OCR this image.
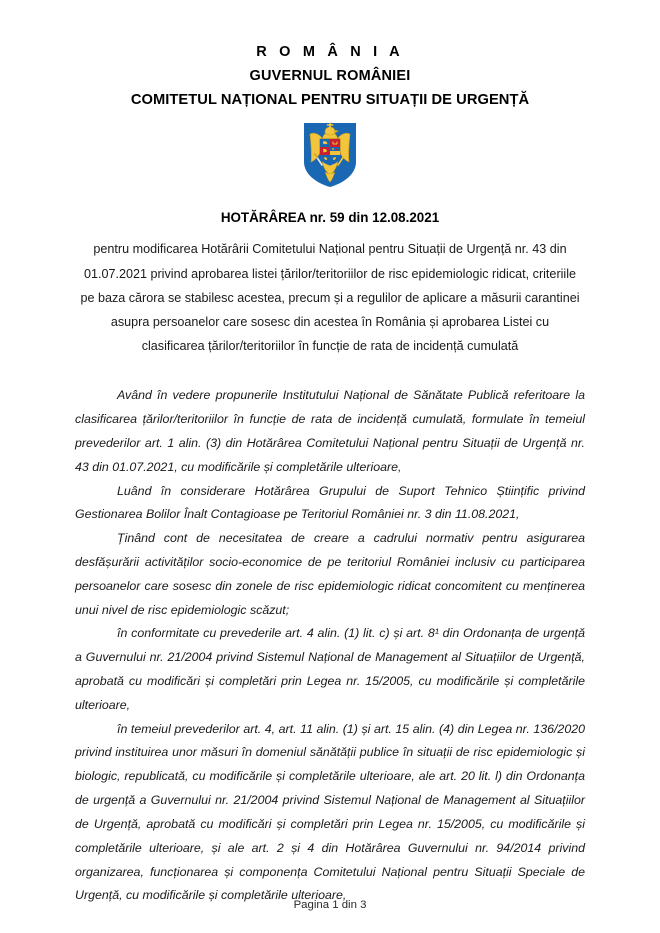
R O M Â N I A
GUVERNUL ROMÂNIEI
COMITETUL NAȚIONAL PENTRU SITUAȚII DE URGENȚĂ
HOTĂRÂREA nr. 59 din 12.08.2021
pentru modificarea Hotărârii Comitetului Național pentru Situații de Urgență nr. 43 din 01.07.2021 privind aprobarea listei țărilor/teritoriilor de risc epidemiologic ridicat, criteriile pe baza cărora se stabilesc acestea, precum și a regulilor de aplicare a măsurii carantinei asupra persoanelor care sosesc din acestea în România și aprobarea Listei cu clasificarea țărilor/teritoriilor în funcție de rata de incidență cumulată

Având în vedere propunerile Institutului Național de Sănătate Publică referitoare la clasificarea țărilor/teritoriilor în funcție de rata de incidență cumulată, formulate în temeiul prevederilor art. 1 alin. (3) din Hotărârea Comitetului Național pentru Situații de Urgență nr. 43 din 01.07.2021, cu modificările și completările ulterioare,

Luând în considerare Hotărârea Grupului de Suport Tehnico Științific privind Gestionarea Bolilor Înalt Contagioase pe Teritoriul României nr. 3 din 11.08.2021,

Ținând cont de necesitatea de creare a cadrului normativ pentru asigurarea desfășurării activităților socio-economice de pe teritoriul României inclusiv cu participarea persoanelor care sosesc din zonele de risc epidemiologic ridicat concomitent cu menținerea unui nivel de risc epidemiologic scăzut;

în conformitate cu prevederile art. 4 alin. (1) lit. c) și art. 8¹ din Ordonanța de urgență a Guvernului nr. 21/2004 privind Sistemul Național de Management al Situațiilor de Urgență, aprobată cu modificări și completări prin Legea nr. 15/2005, cu modificările și completările ulterioare,

în temeiul prevederilor art. 4, art. 11 alin. (1) și art. 15 alin. (4) din Legea nr. 136/2020 privind instituirea unor măsuri în domeniul sănătății publice în situații de risc epidemiologic și biologic, republicată, cu modificările și completările ulterioare, ale art. 20 lit. l) din Ordonanța de urgență a Guvernului nr. 21/2004 privind Sistemul Național de Management al Situațiilor de Urgență, aprobată cu modificări și completări prin Legea nr. 15/2005, cu modificările și completările ulterioare, și ale art. 2 și 4 din Hotărârea Guvernului nr. 94/2014 privind organizarea, funcționarea și componența Comitetului Național pentru Situații Speciale de Urgență, cu modificările și completările ulterioare,

Pagina 1 din 3
